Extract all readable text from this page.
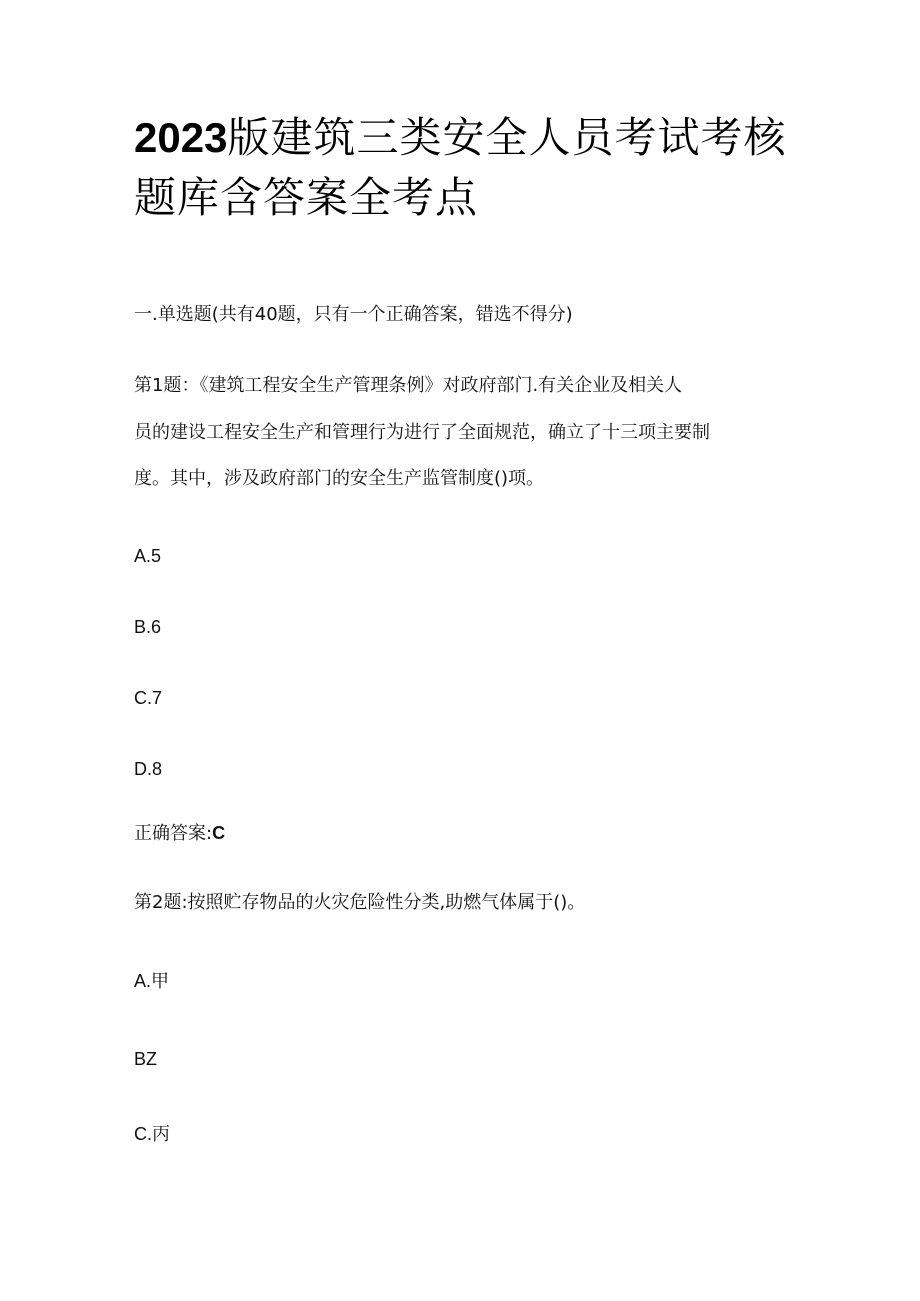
2023版建筑三类安全人员考试考核
题库含答案全考点

一.单选题(共有40题，只有一个正确答案，错选不得分)

第1题：《建筑工程安全生产管理条例》对政府部门.有关企业及相关人

员的建设工程安全生产和管理行为进行了全面规范，确立了十三项主要制

度。其中，涉及政府部门的安全生产监管制度()项。

A.5

B.6

C.7

D.8

正确答案:C

第2题:按照贮存物品的火灾危险性分类,助燃气体属于()。

A.甲

BZ

C.丙
